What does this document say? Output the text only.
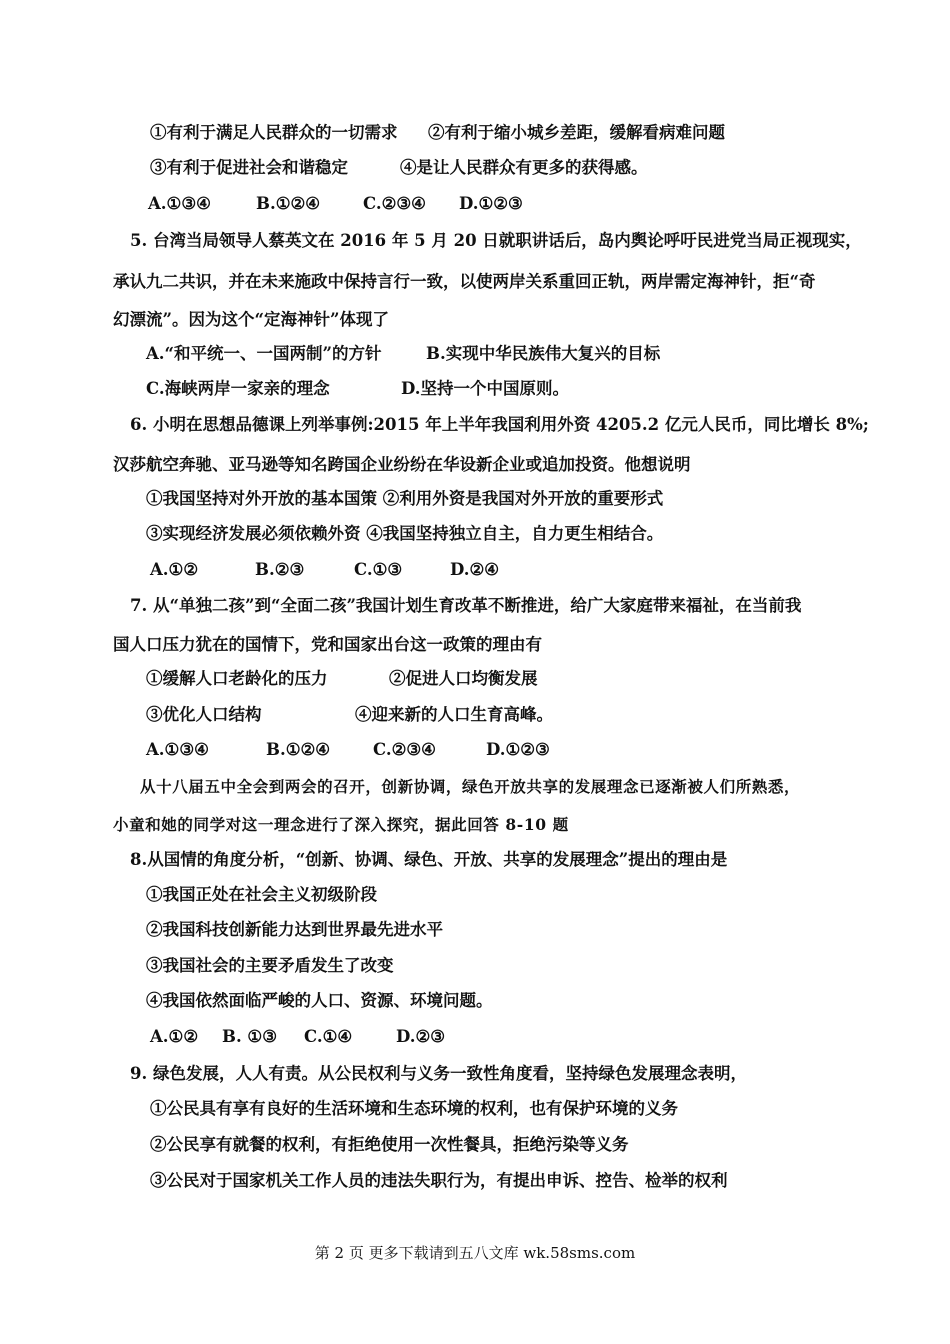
①有利于满足人民群众的一切需求 ②有利于缩小城乡差距，缓解看病难问题
③有利于促进社会和谐稳定	④是让人民群众有更多的获得感。
A.①③④	B.①②④	C.②③④	D.①②③
5. 台湾当局领导人蔡英文在 2016 年 5 月 20 日就职讲话后，岛内舆论呼吁民进党当局正视现实，
承认九二共识，并在未来施政中保持言行一致，以使两岸关系重回正轨，两岸需定海神针，拒“奇
幻漂流”。因为这个“定海神针”体现了
A.“和平统一、一国两制”的方针	B.实现中华民族伟大复兴的目标
C.海峡两岸一家亲的理念	D.坚持一个中国原则。
6. 小明在思想品德课上列举事例:2015 年上半年我国利用外资 4205.2 亿元人民币，同比增长 8%;
汉莎航空奔驰、亚马逊等知名跨国企业纷纷在华设新企业或追加投资。他想说明
①我国坚持对外开放的基本国策 ②利用外资是我国对外开放的重要形式
③实现经济发展必须依赖外资 ④我国坚持独立自主，自力更生相结合。
A.①②	B.②③	C.①③	D.②④
7. 从“单独二孩”到“全面二孩”我国计划生育改革不断推进，给广大家庭带来福祉，在当前我
国人口压力犹在的国情下，党和国家出台这一政策的理由有
①缓解人口老龄化的压力	②促进人口均衡发展
③优化人口结构	④迎来新的人口生育高峰。
A.①③④	B.①②④	C.②③④	D.①②③
从十八届五中全会到两会的召开，创新协调，绿色开放共享的发展理念已逐渐被人们所熟悉，
小童和她的同学对这一理念进行了深入探究，据此回答 8-10 题
8.从国情的角度分析，“创新、协调、绿色、开放、共享的发展理念”提出的理由是
①我国正处在社会主义初级阶段
②我国科技创新能力达到世界最先进水平
③我国社会的主要矛盾发生了改变
④我国依然面临严峻的人口、资源、环境问题。
A.①②	B. ①③	C.①④	D.②③
9. 绿色发展，人人有责。从公民权利与义务一致性角度看，坚持绿色发展理念表明，
①公民具有享有良好的生活环境和生态环境的权利，也有保护环境的义务
②公民享有就餐的权利，有拒绝使用一次性餐具，拒绝污染等义务
③公民对于国家机关工作人员的违法失职行为，有提出申诉、控告、检举的权利
第 2 页 更多下载请到五八文库 wk.58sms.com
